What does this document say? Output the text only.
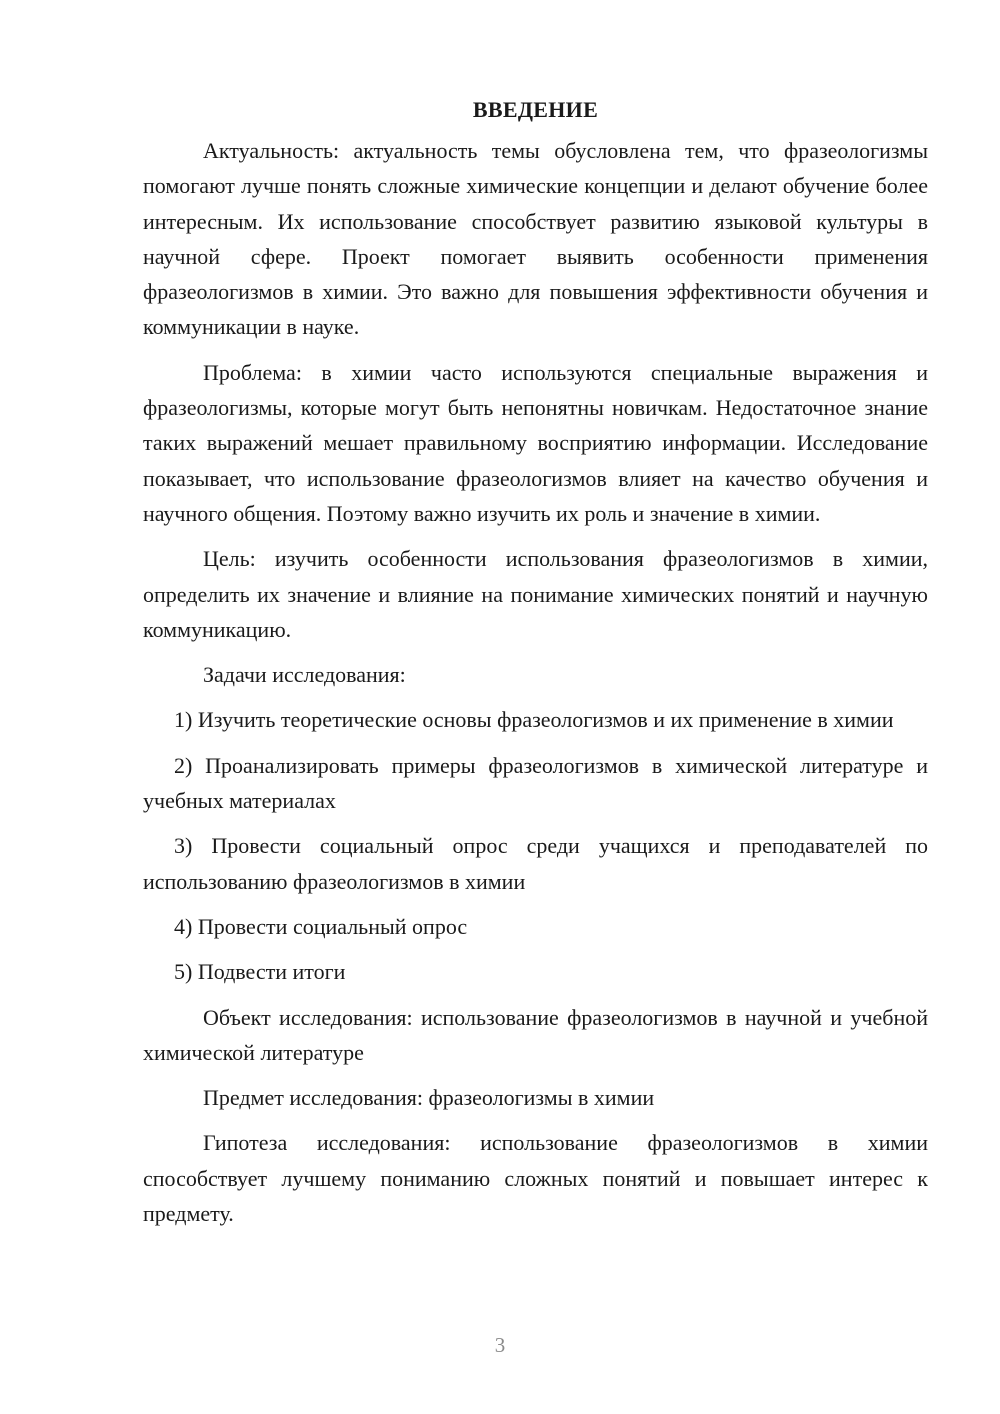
ВВЕДЕНИЕ

Актуальность: актуальность темы обусловлена тем, что фразеологизмы помогают лучше понять сложные химические концепции и делают обучение более интересным. Их использование способствует развитию языковой культуры в научной сфере. Проект помогает выявить особенности применения фразеологизмов в химии. Это важно для повышения эффективности обучения и коммуникации в науке.

Проблема: в химии часто используются специальные выражения и фразеологизмы, которые могут быть непонятны новичкам. Недостаточное знание таких выражений мешает правильному восприятию информации. Исследование показывает, что использование фразеологизмов влияет на качество обучения и научного общения. Поэтому важно изучить их роль и значение в химии.

Цель: изучить особенности использования фразеологизмов в химии, определить их значение и влияние на понимание химических понятий и научную коммуникацию.

Задачи исследования:

1) Изучить теоретические основы фразеологизмов и их применение в химии

2) Проанализировать примеры фразеологизмов в химической литературе и учебных материалах

3) Провести социальный опрос среди учащихся и преподавателей по использованию фразеологизмов в химии

4) Провести социальный опрос

5) Подвести итоги

Объект исследования: использование фразеологизмов в научной и учебной химической литературе

Предмет исследования: фразеологизмы в химии

Гипотеза исследования: использование фразеологизмов в химии способствует лучшему пониманию сложных понятий и повышает интерес к предмету.

3
